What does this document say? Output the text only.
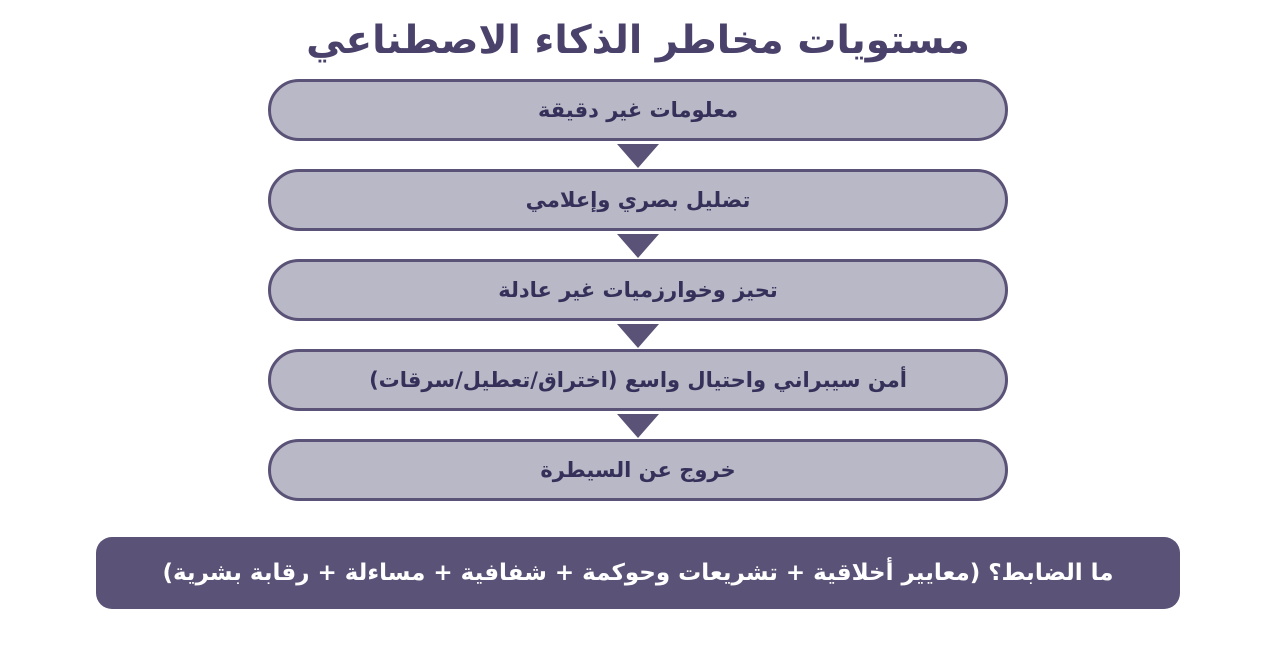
مستويات مخاطر الذكاء الاصطناعي
معلومات غير دقيقة
تضليل بصري وإعلامي
تحيز وخوارزميات غير عادلة
أمن سيبراني واحتيال واسع (اختراق/تعطيل/سرقات)
خروج عن السيطرة
ما الضابط؟ (معايير أخلاقية + تشريعات وحوكمة + شفافية + مساءلة + رقابة بشرية)
